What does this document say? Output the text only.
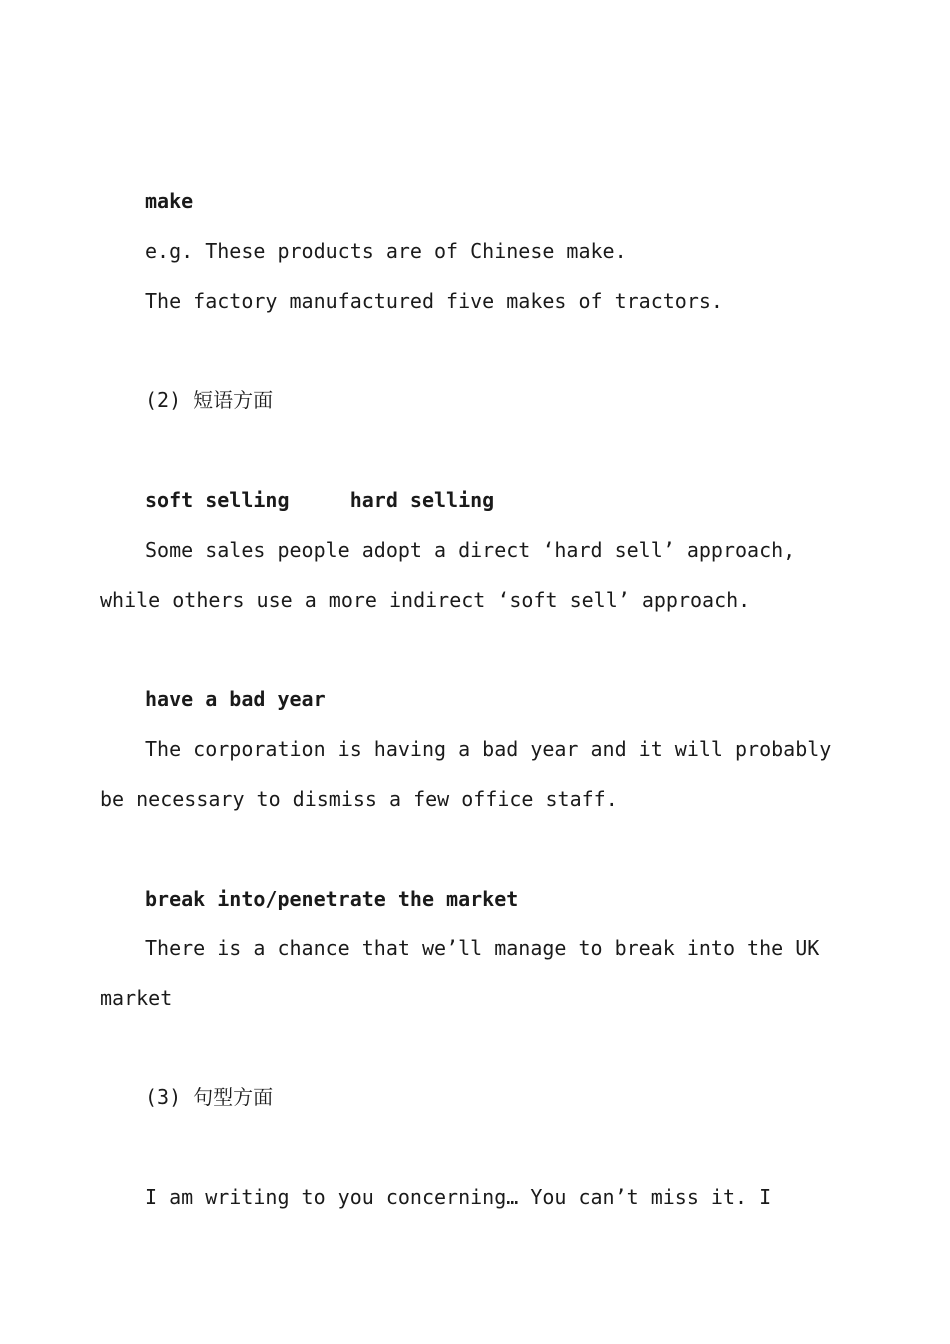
make
e.g. These products are of Chinese make.
The factory manufactured five makes of tractors.
(2) 短语方面
soft selling     hard selling
Some sales people adopt a direct ‘hard sell’ approach,
while others use a more indirect ‘soft sell’ approach.
have a bad year
The corporation is having a bad year and it will probably
be necessary to dismiss a few office staff.
break into/penetrate the market
There is a chance that we’ll manage to break into the UK
market
(3) 句型方面
I am writing to you concerning… You can’t miss it. I
